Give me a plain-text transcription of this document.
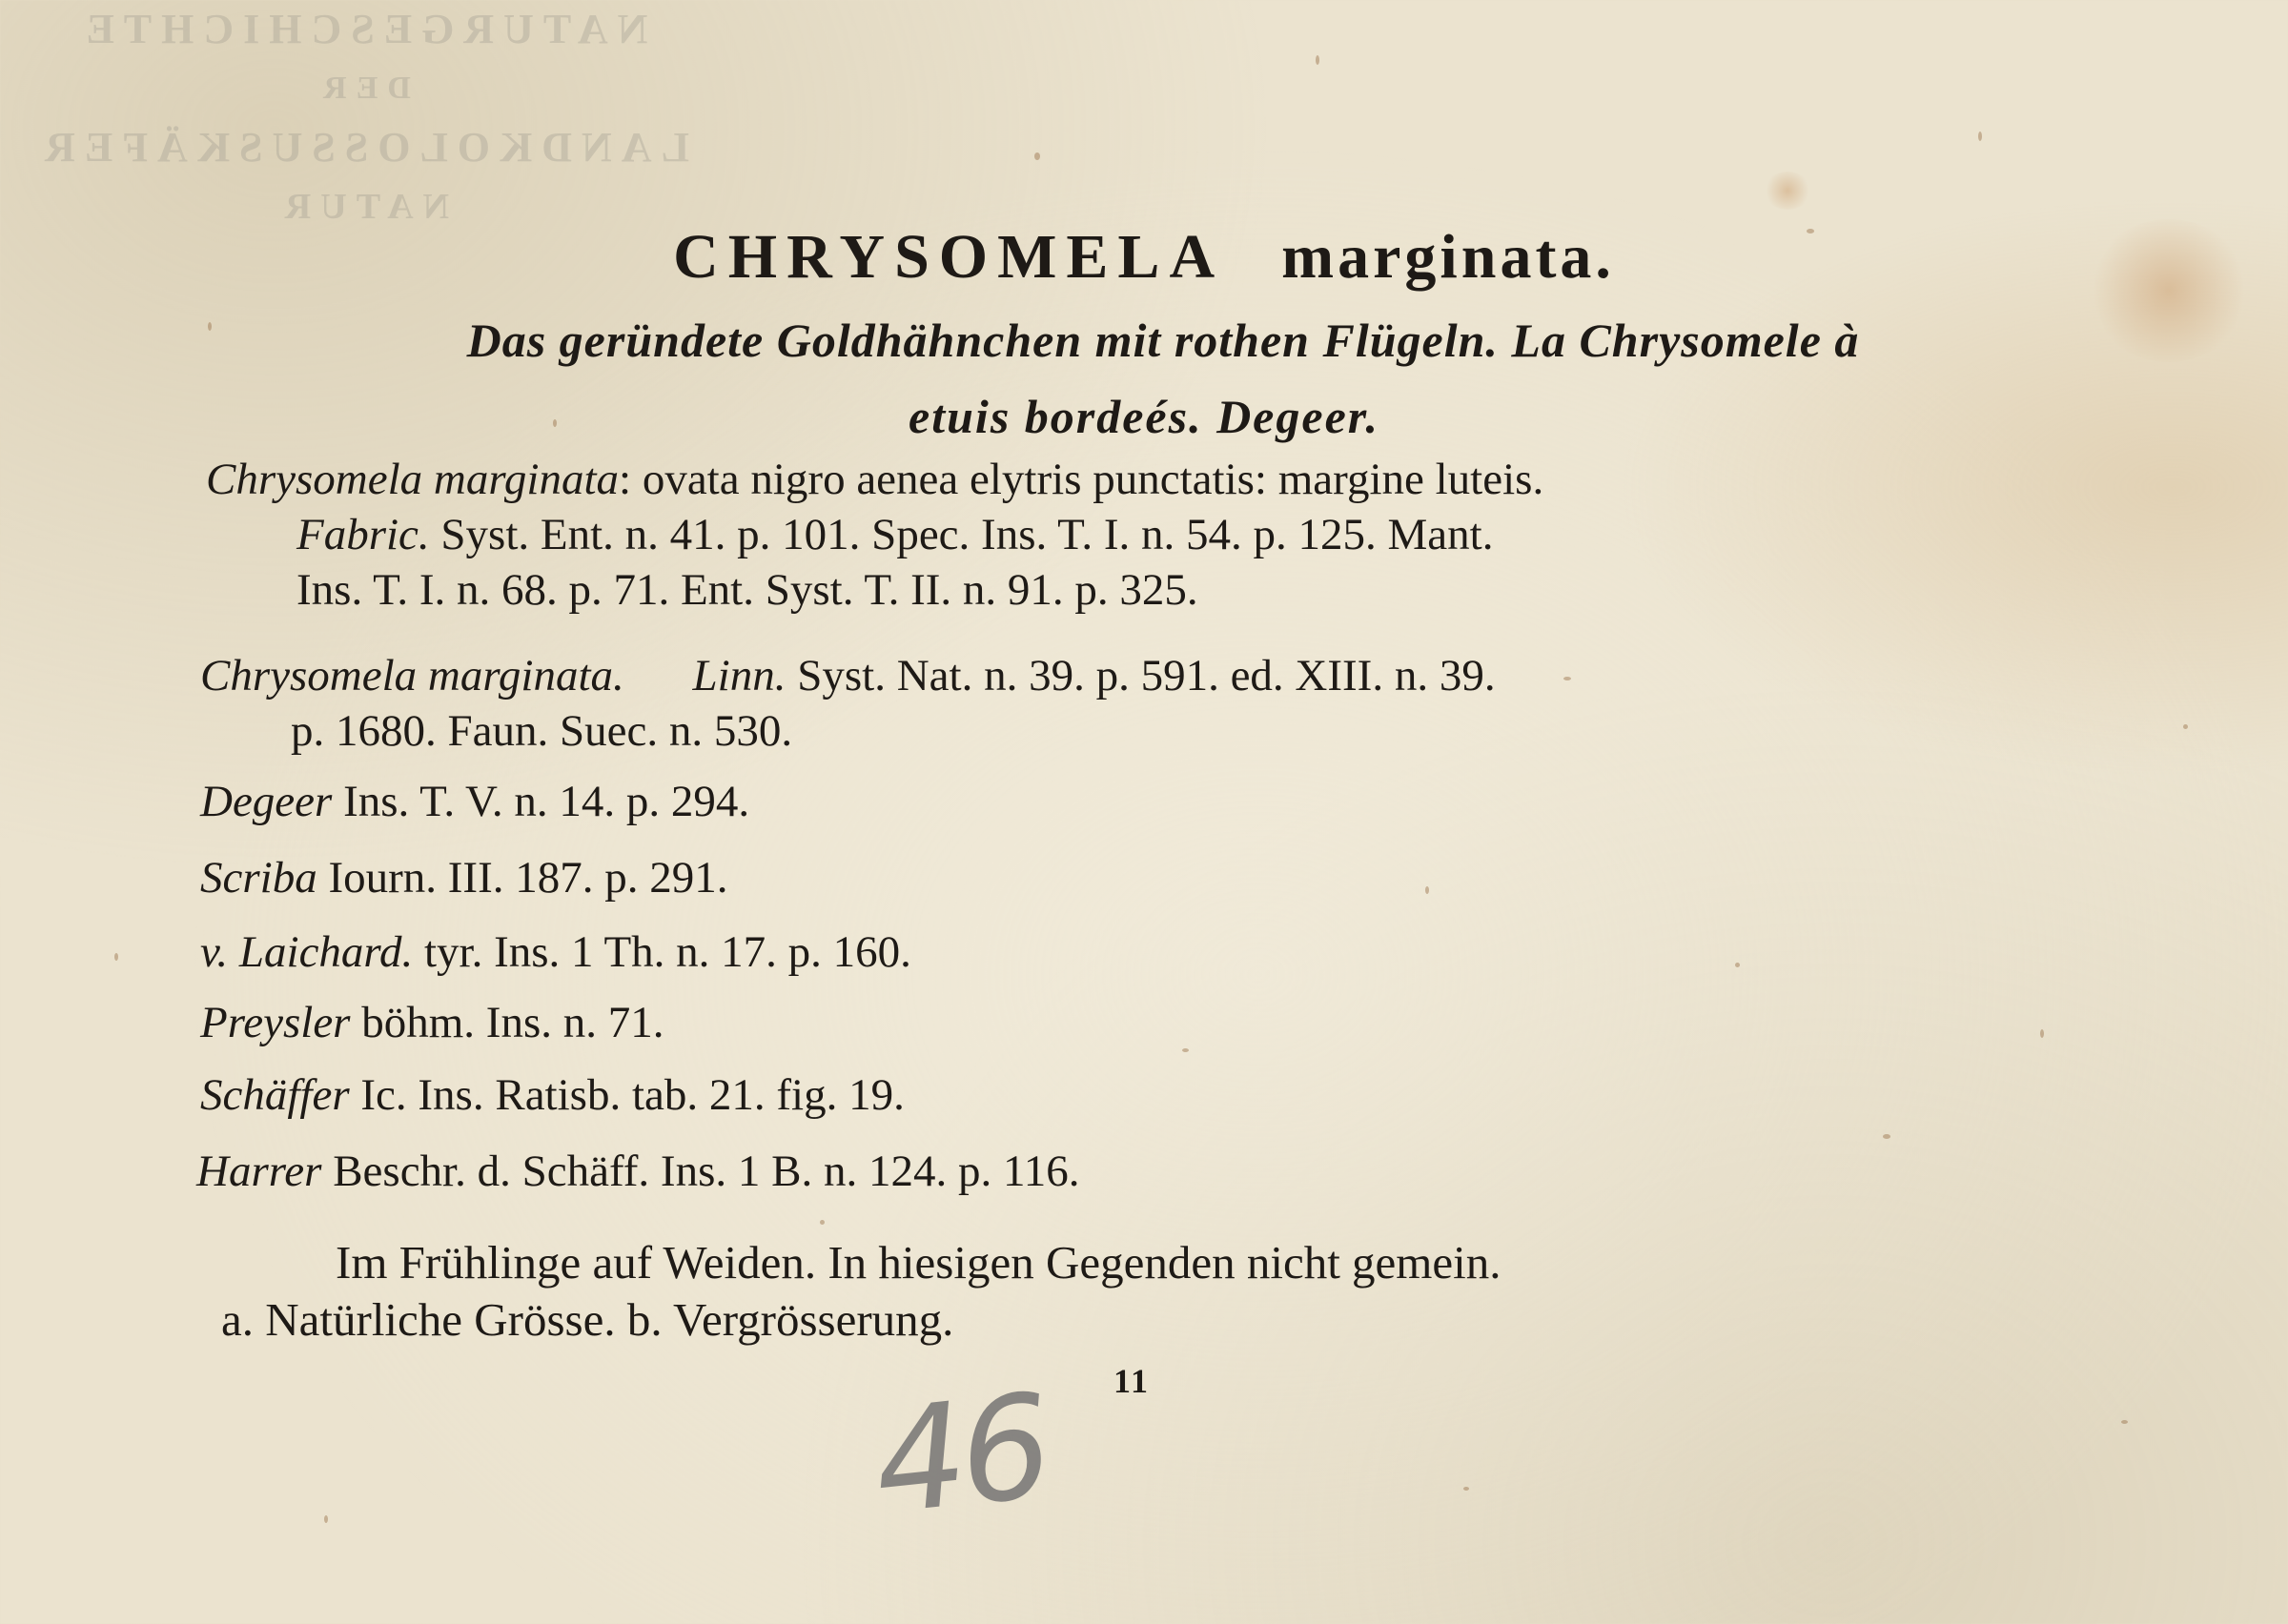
NATURGESCHICHTE
DER
LANDKOLOSSUSKÄFER
NATUR
CHRYSOMELA marginata.
Das geründete Goldhähnchen mit rothen Flügeln. La Chrysomele à
etuis bordeés. Degeer.
Chrysomela marginata: ovata nigro aenea elytris punctatis: margine luteis.
Fabric. Syst. Ent. n. 41. p. 101. Spec. Ins. T. I. n. 54. p. 125. Mant.
Ins. T. I. n. 68. p. 71. Ent. Syst. T. II. n. 91. p. 325.
Chrysomela marginata. Linn. Syst. Nat. n. 39. p. 591. ed. XIII. n. 39.
p. 1680. Faun. Suec. n. 530.
Degeer Ins. T. V. n. 14. p. 294.
Scriba Iourn. III. 187. p. 291.
v. Laichard. tyr. Ins. 1 Th. n. 17. p. 160.
Preysler böhm. Ins. n. 71.
Schäffer Ic. Ins. Ratisb. tab. 21. fig. 19.
Harrer Beschr. d. Schäff. Ins. 1 B. n. 124. p. 116.
Im Frühlinge auf Weiden. In hiesigen Gegenden nicht gemein.
a. Natürliche Grösse. b. Vergrösserung.
11
46
